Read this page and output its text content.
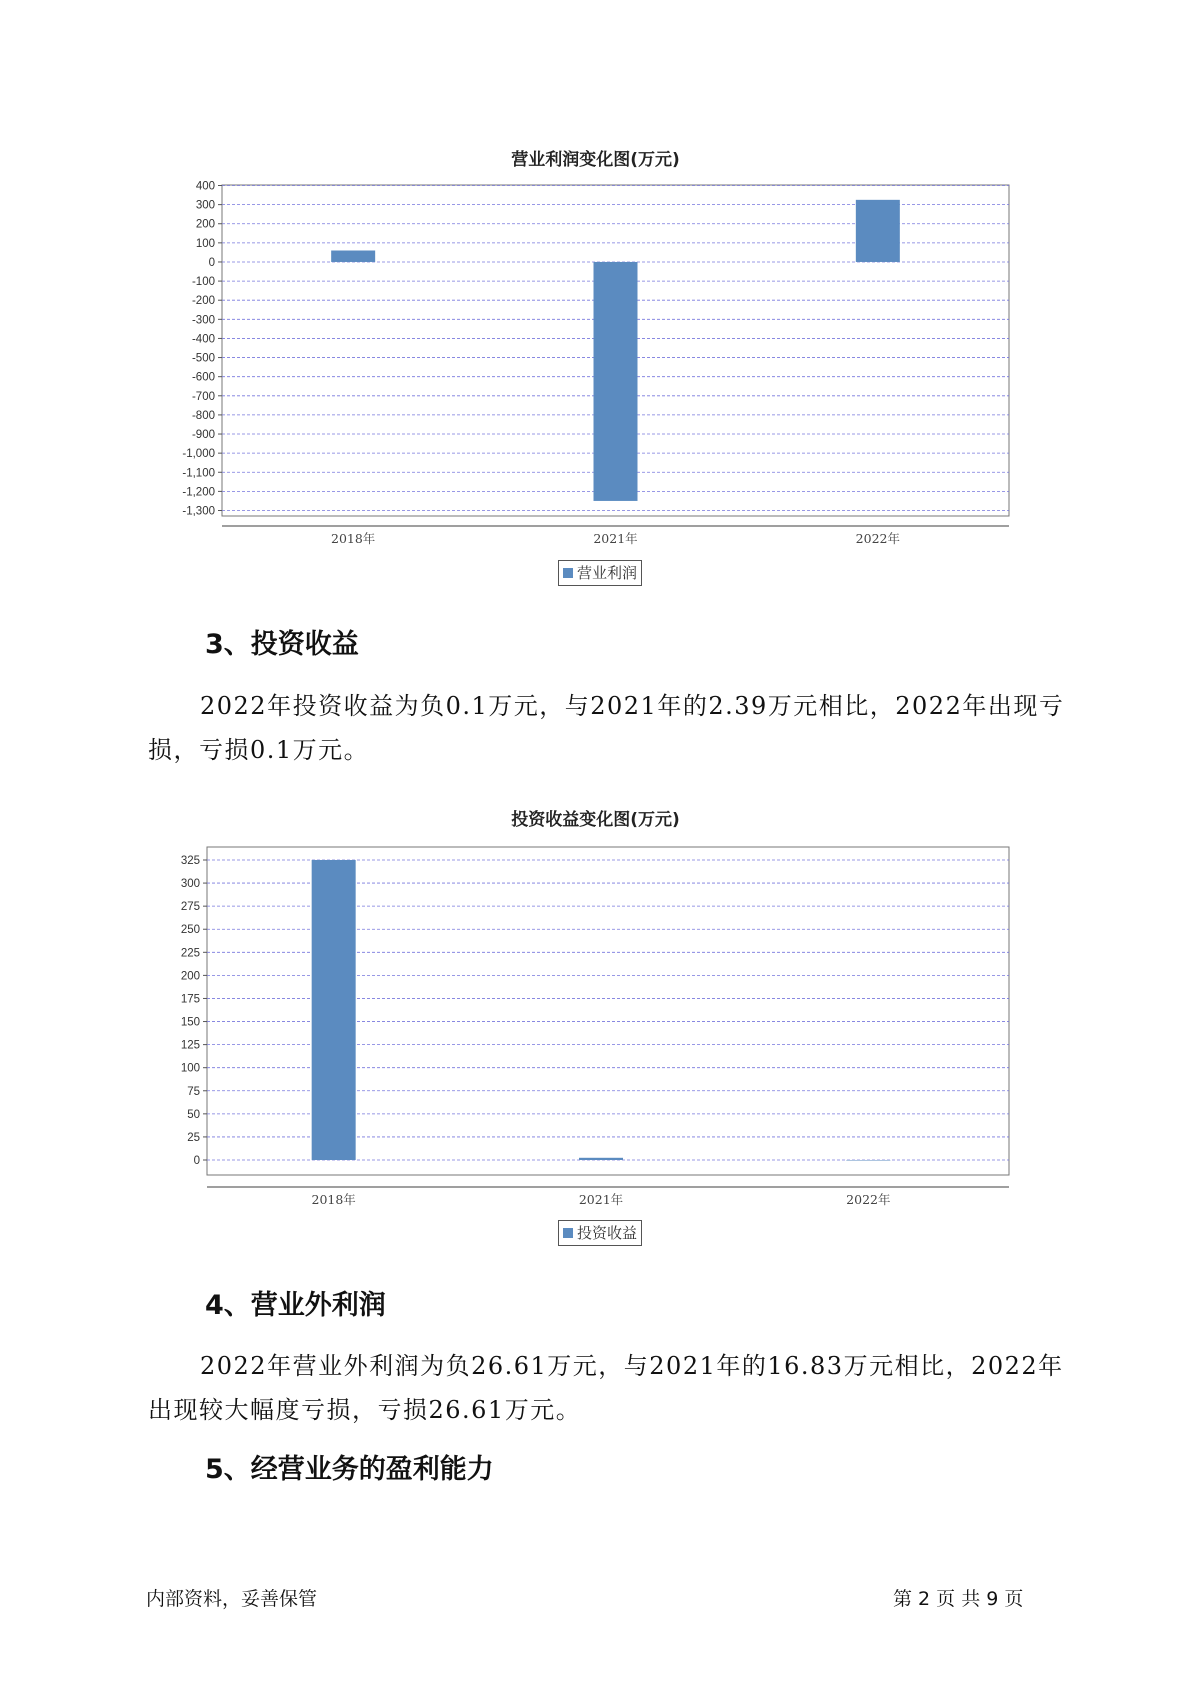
营业利润变化图(万元)
400
300
200
100
0
-100
-200
-300
-400
-500
-600
-700
-800
-900
-1,000
-1,100
-1,200
-1,300
2018年	2021年	2022年
营业利润
3、投资收益
2022年投资收益为负0.1万元，与2021年的2.39万元相比，2022年出现亏损，亏损0.1万元。
投资收益变化图(万元)
325
300
275
250
225
200
175
150
125
100
75
50
25
0
2018年	2021年	2022年
投资收益
4、营业外利润
2022年营业外利润为负26.61万元，与2021年的16.83万元相比，2022年出现较大幅度亏损，亏损26.61万元。
5、经营业务的盈利能力
内部资料，妥善保管	第 2 页 共 9 页
